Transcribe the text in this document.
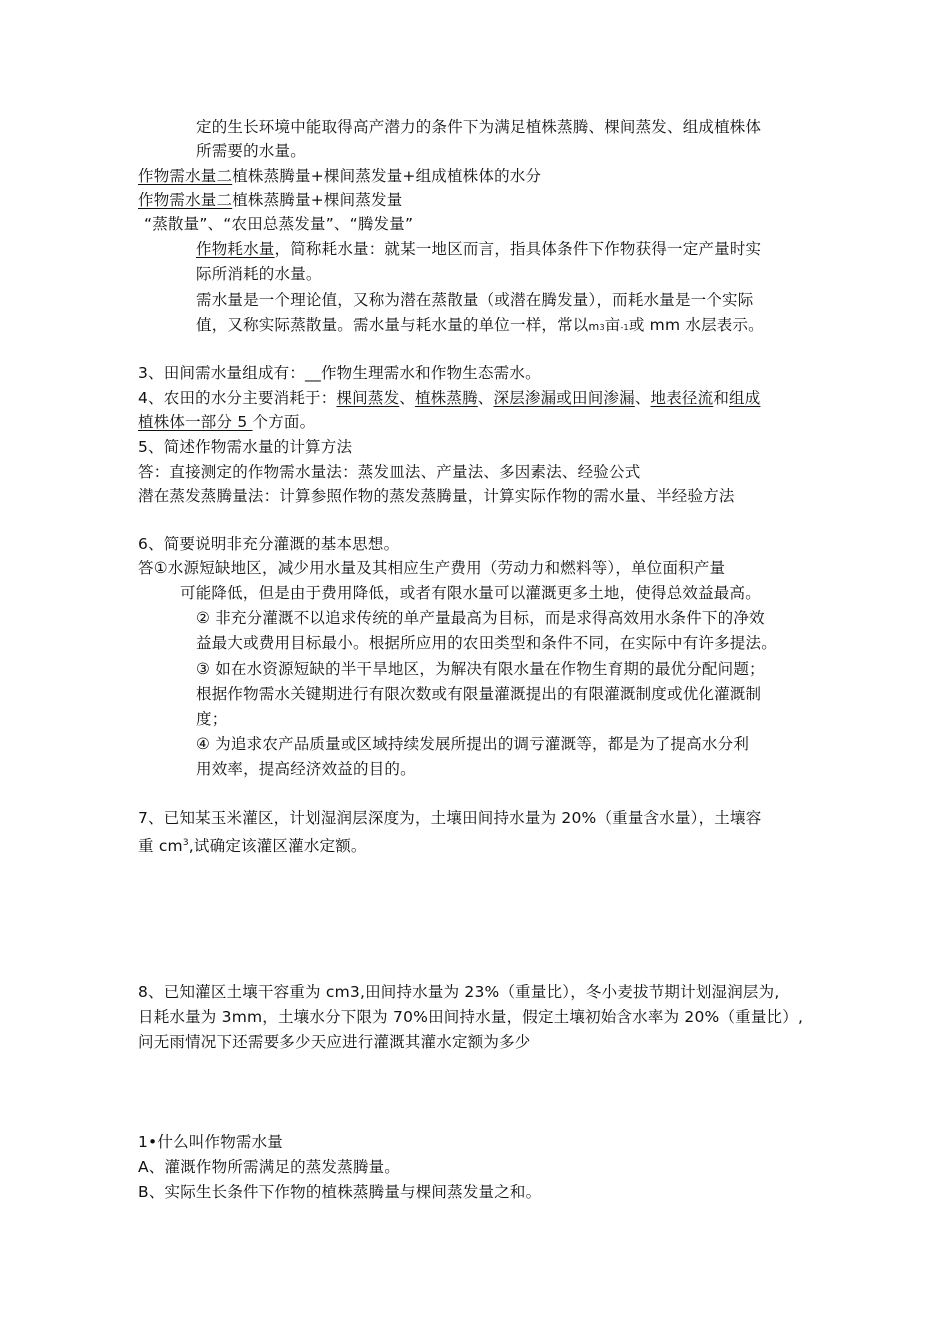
定的生长环境中能取得高产潜力的条件下为满足植株蒸腾、棵间蒸发、组成植株体
所需要的水量。
作物需水量二植株蒸腾量+棵间蒸发量+组成植株体的水分
作物需水量二植株蒸腾量+棵间蒸发量
“蒸散量”、“农田总蒸发量”、“腾发量”
作物耗水量，简称耗水量：就某一地区而言，指具体条件下作物获得一定产量时实
际所消耗的水量。
需水量是一个理论值，又称为潜在蒸散量（或潜在腾发量），而耗水量是一个实际
值，又称实际蒸散量。需水量与耗水量的单位一样，常以m3亩-1或 mm 水层表示。
3、田间需水量组成有：__作物生理需水和作物生态需水。
4、农田的水分主要消耗于：棵间蒸发、植株蒸腾、深层渗漏或田间渗漏、地表径流和组成
植株体一部分 5 个方面。
5、简述作物需水量的计算方法
答：直接测定的作物需水量法：蒸发皿法、产量法、多因素法、经验公式
潜在蒸发蒸腾量法：计算参照作物的蒸发蒸腾量，计算实际作物的需水量、半经验方法
6、简要说明非充分灌溉的基本思想。
答①水源短缺地区，减少用水量及其相应生产费用（劳动力和燃料等），单位面积产量
可能降低，但是由于费用降低，或者有限水量可以灌溉更多土地，使得总效益最高。
② 非充分灌溉不以追求传统的单产量最高为目标，而是求得高效用水条件下的净效
益最大或费用目标最小。根据所应用的农田类型和条件不同，在实际中有许多提法。
③ 如在水资源短缺的半干旱地区，为解决有限水量在作物生育期的最优分配问题；
根据作物需水关键期进行有限次数或有限量灌溉提出的有限灌溉制度或优化灌溉制
度；
④ 为追求农产品质量或区域持续发展所提出的调亏灌溉等，都是为了提高水分利
用效率，提高经济效益的目的。
7、已知某玉米灌区，计划湿润层深度为，土壤田间持水量为 20%（重量含水量），土壤容
重 $cm^3$,试确定该灌区灌水定额。
8、已知灌区土壤干容重为 cm3,田间持水量为 23%（重量比），冬小麦拔节期计划湿润层为,
日耗水量为 3mm，土壤水分下限为 70%田间持水量，假定土壤初始含水率为 20%（重量比）,
问无雨情况下还需要多少天应进行灌溉其灌水定额为多少
1•什么叫作物需水量
A、灌溉作物所需满足的蒸发蒸腾量。
B、实际生长条件下作物的植株蒸腾量与棵间蒸发量之和。
